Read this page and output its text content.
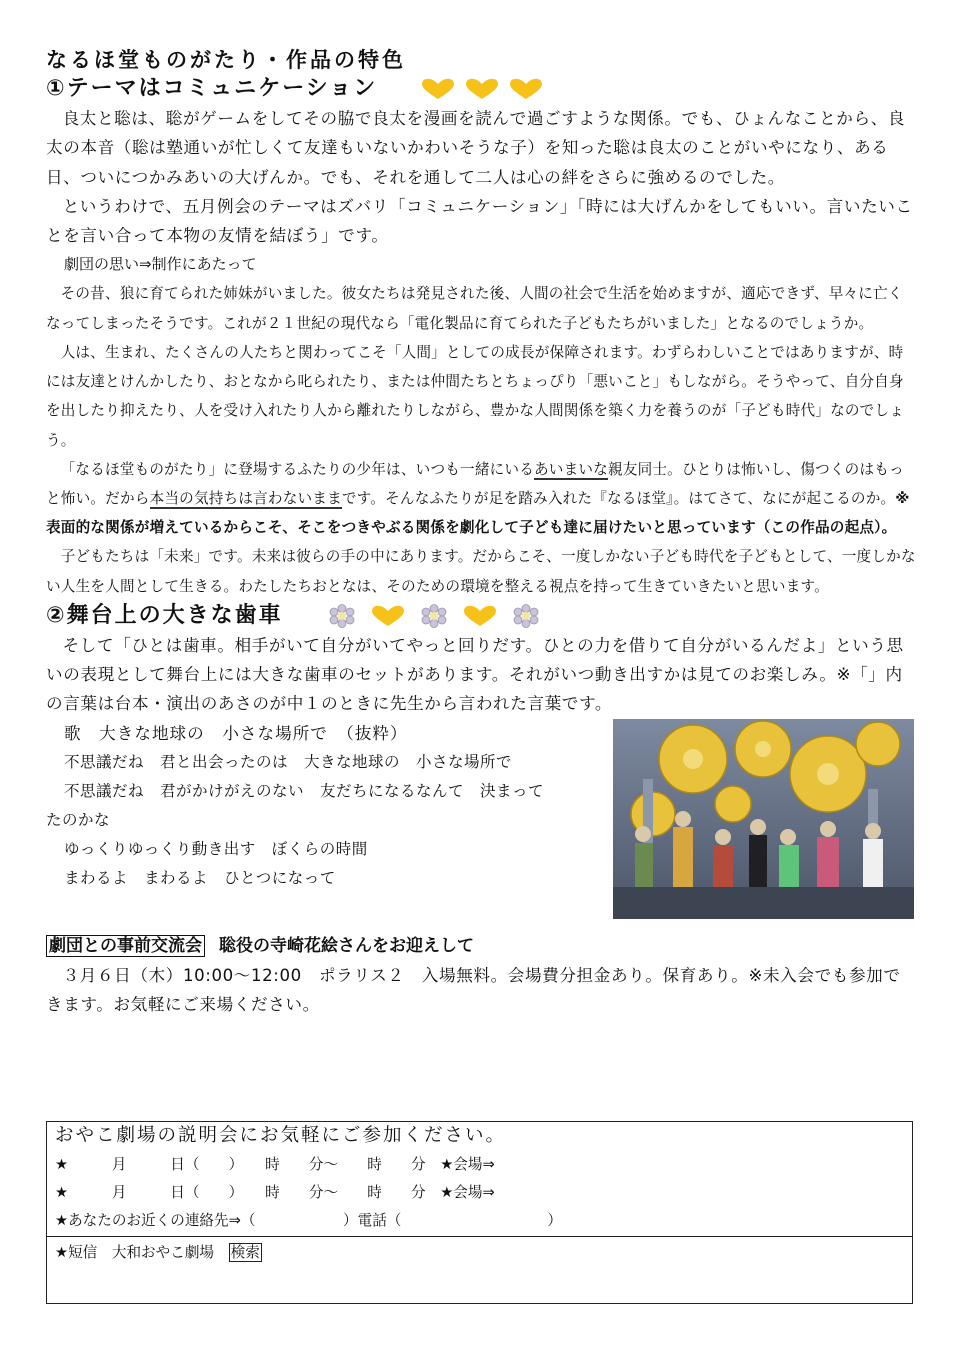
なるほ堂ものがたり・作品の特色
①テーマはコミュニケーション

良太と聡は、聡がゲームをしてその脇で良太を漫画を読んで過ごすような関係。でも、ひょんなことから、良太の本音（聡は塾通いが忙しくて友達もいないかわいそうな子）を知った聡は良太のことがいやになり、ある日、ついにつかみあいの大げんか。でも、それを通して二人は心の絆をさらに強めるのでした。

というわけで、五月例会のテーマはズバリ「コミュニケーション」「時には大げんかをしてもいい。言いたいことを言い合って本物の友情を結ぼう」です。

劇団の思い⇒制作にあたって

その昔、狼に育てられた姉妹がいました。彼女たちは発見された後、人間の社会で生活を始めますが、適応できず、早々に亡くなってしまったそうです。これが２１世紀の現代なら「電化製品に育てられた子どもたちがいました」となるのでしょうか。

人は、生まれ、たくさんの人たちと関わってこそ「人間」としての成長が保障されます。わずらわしいことではありますが、時には友達とけんかしたり、おとなから叱られたり、または仲間たちとちょっぴり「悪いこと」もしながら。そうやって、自分自身を出したり抑えたり、人を受け入れたり人から離れたりしながら、豊かな人間関係を築く力を養うのが「子ども時代」なのでしょう。

「なるほ堂ものがたり」に登場するふたりの少年は、いつも一緒にいるあいまいな親友同士。ひとりは怖いし、傷つくのはもっと怖い。だから本当の気持ちは言わないままです。そんなふたりが足を踏み入れた『なるほ堂』。はてさて、なにが起こるのか。※表面的な関係が増えているからこそ、そこをつきやぶる関係を劇化して子ども達に届けたいと思っています（この作品の起点）。

子どもたちは「未来」です。未来は彼らの手の中にあります。だからこそ、一度しかない子ども時代を子どもとして、一度しかない人生を人間として生きる。わたしたちおとなは、そのための環境を整える視点を持って生きていきたいと思います。

②舞台上の大きな歯車

そして「ひとは歯車。相手がいて自分がいてやっと回りだす。ひとの力を借りて自分がいるんだよ」という思いの表現として舞台上には大きな歯車のセットがあります。それがいつ動き出すかは見てのお楽しみ。※「」内の言葉は台本・演出のあさのが中１のときに先生から言われた言葉です。

歌　大きな地球の　小さな場所で　（抜粋）
不思議だね　君と出会ったのは　大きな地球の　小さな場所で
不思議だね　君がかけがえのない　友だちになるなんて　決まって
たのかな
ゆっくりゆっくり動き出す　ぼくらの時間
まわるよ　まわるよ　ひとつになって
劇団との事前交流会 聡役の寺崎花絵さんをお迎えして

３月６日（木）10:00〜12:00　ポラリス２　入場無料。会場費分担金あり。保育あり。※未入会でも参加できます。お気軽にご来場ください。

おやこ劇場の説明会にお気軽にご参加ください。
★　　　月　　　日（　　）　　時　　分〜　　時　　分　★会場⇒
★　　　月　　　日（　　）　　時　　分〜　　時　　分　★会場⇒
★あなたのお近くの連絡先⇒（　　　　　　）電話（　　　　　　　　　　）
★短信　大和おやこ劇場　検索
